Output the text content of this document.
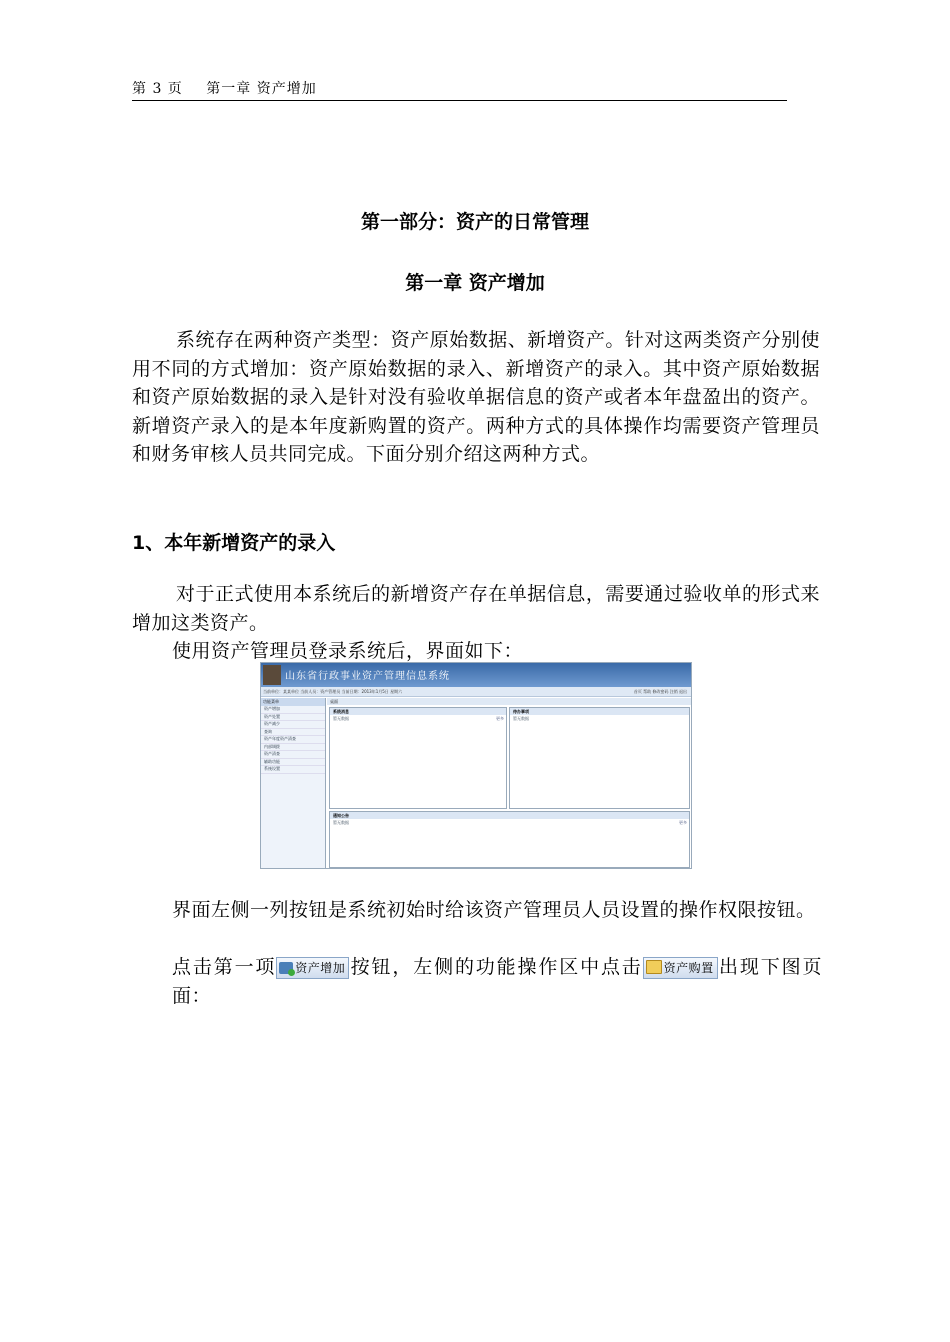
第 3 页 第一章 资产增加
第一部分：资产的日常管理
第一章 资产增加
系统存在两种资产类型：资产原始数据、新增资产。针对这两类资产分别使用不同的方式增加：资产原始数据的录入、新增资产的录入。其中资产原始数据和资产原始数据的录入是针对没有验收单据信息的资产或者本年盘盈出的资产。新增资产录入的是本年度新购置的资产。两种方式的具体操作均需要资产管理员和财务审核人员共同完成。下面分别介绍这两种方式。
1、本年新增资产的录入
对于正式使用本系统后的新增资产存在单据信息，需要通过验收单的形式来增加这类资产。
使用资产管理员登录系统后，界面如下：
山东省行政事业资产管理信息系统
当前单位：某某单位 当前人员：资产管理员 当前日期：2013年1月5日 星期六	首页 帮助 修改密码 注销 退出
功能菜单
资产增加
资产处置
资产减少
查询
资产年度资产清查
内部调拨
资产清查
辅助功能
系统设置
桌面
系统消息
更多
暂无数据
待办事项
暂无数据
通知公告
更多
暂无数据
界面左侧一列按钮是系统初始时给该资产管理员人员设置的操作权限按钮。
点击第一项 资产增加 按钮，左侧的功能操作区中点击 资产购置 出现下图页面：
